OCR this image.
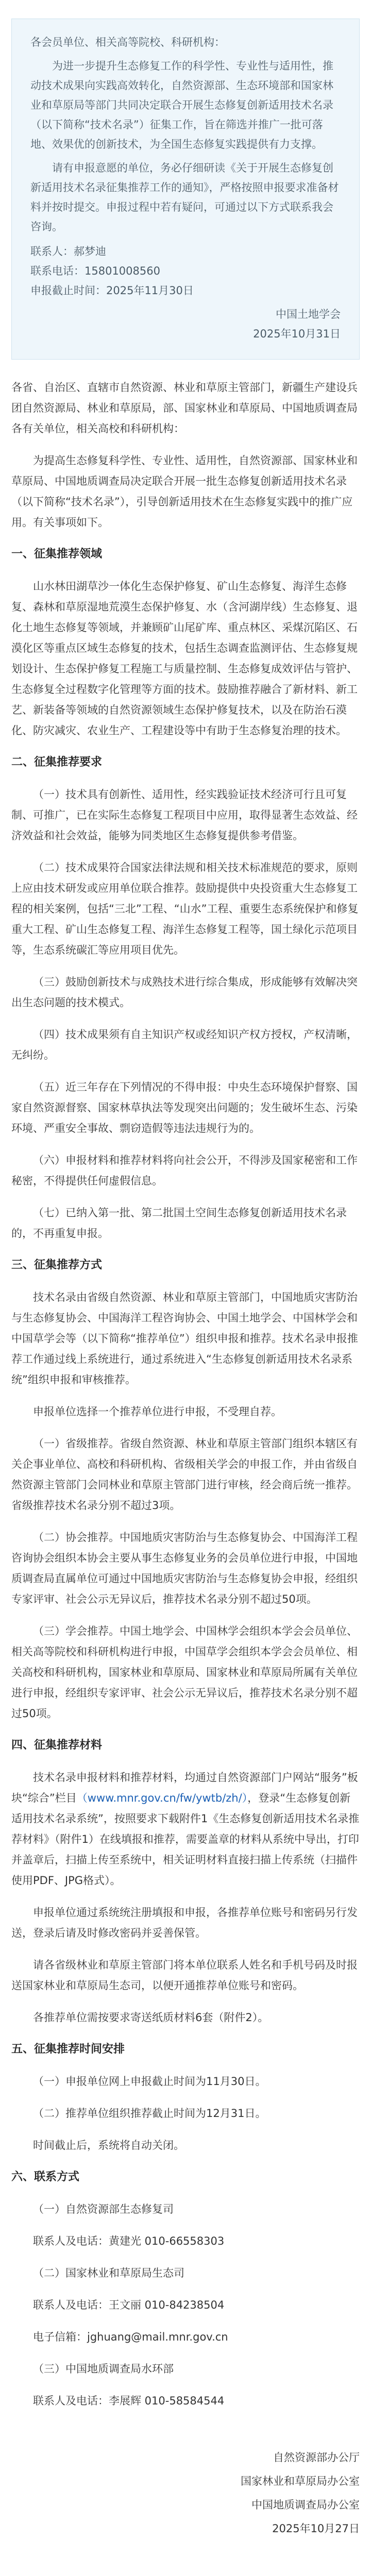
各会员单位、相关高等院校、科研机构：

为进一步提升生态修复工作的科学性、专业性与适用性，推动技术成果向实践高效转化，自然资源部、生态环境部和国家林业和草原局等部门共同决定联合开展生态修复创新适用技术名录（以下简称“技术名录”）征集工作，旨在筛选并推广一批可落地、效果优的创新技术，为全国生态修复实践提供有力支撑。

请有申报意愿的单位，务必仔细研读《关于开展生态修复创新适用技术名录征集推荐工作的通知》，严格按照申报要求准备材料并按时提交。申报过程中若有疑问，可通过以下方式联系我会咨询。

联系人：郝梦迪

联系电话：15801008560

申报截止时间：2025年11月30日

中国土地学会

2025年10月31日

各省、自治区、直辖市自然资源、林业和草原主管部门，新疆生产建设兵团自然资源局、林业和草原局，部、国家林业和草原局、中国地质调查局各有关单位，相关高校和科研机构：

为提高生态修复科学性、专业性、适用性，自然资源部、国家林业和草原局、中国地质调查局决定联合开展一批生态修复创新适用技术名录（以下简称“技术名录”），引导创新适用技术在生态修复实践中的推广应用。有关事项如下。

一、征集推荐领域

山水林田湖草沙一体化生态保护修复、矿山生态修复、海洋生态修复、森林和草原湿地荒漠生态保护修复、水（含河湖岸线）生态修复、退化土地生态修复等领域，并兼顾矿山尾矿库、重点林区、采煤沉陷区、石漠化区等重点区域生态修复的技术，包括生态调查监测评估、生态修复规划设计、生态保护修复工程施工与质量控制、生态修复成效评估与管护、生态修复全过程数字化管理等方面的技术。鼓励推荐融合了新材料、新工艺、新装备等领域的自然资源领域生态保护修复技术，以及在防治石漠化、防灾减灾、农业生产、工程建设等中有助于生态修复治理的技术。

二、征集推荐要求

（一）技术具有创新性、适用性，经实践验证技术经济可行且可复制、可推广，已在实际生态修复工程项目中应用，取得显著生态效益、经济效益和社会效益，能够为同类地区生态修复提供参考借鉴。

（二）技术成果符合国家法律法规和相关技术标准规范的要求，原则上应由技术研发或应用单位联合推荐。鼓励提供中央投资重大生态修复工程的相关案例，包括“三北”工程、“山水”工程、重要生态系统保护和修复重大工程、矿山生态修复工程、海洋生态修复工程等，国土绿化示范项目等，生态系统碳汇等应用项目优先。

（三）鼓励创新技术与成熟技术进行综合集成，形成能够有效解决突出生态问题的技术模式。

（四）技术成果须有自主知识产权或经知识产权方授权，产权清晰，无纠纷。

（五）近三年存在下列情况的不得申报：中央生态环境保护督察、国家自然资源督察、国家林草执法等发现突出问题的；发生破坏生态、污染环境、严重安全事故、剽窃造假等违法违规行为的。

（六）申报材料和推荐材料将向社会公开，不得涉及国家秘密和工作秘密，不得提供任何虚假信息。

（七）已纳入第一批、第二批国土空间生态修复创新适用技术名录的，不再重复申报。

三、征集推荐方式

技术名录由省级自然资源、林业和草原主管部门，中国地质灾害防治与生态修复协会、中国海洋工程咨询协会、中国土地学会、中国林学会和中国草学会等（以下简称“推荐单位”）组织申报和推荐。技术名录申报推荐工作通过线上系统进行，通过系统进入“生态修复创新适用技术名录系统”组织申报和审核推荐。

申报单位选择一个推荐单位进行申报，不受理自荐。

（一）省级推荐。省级自然资源、林业和草原主管部门组织本辖区有关企事业单位、高校和科研机构、省级相关学会的申报工作，并由省级自然资源主管部门会同林业和草原主管部门进行审核，经会商后统一推荐。省级推荐技术名录分别不超过3项。

（二）协会推荐。中国地质灾害防治与生态修复协会、中国海洋工程咨询协会组织本协会主要从事生态修复业务的会员单位进行申报，中国地质调查局直属单位可通过中国地质灾害防治与生态修复协会申报，经组织专家评审、社会公示无异议后，推荐技术名录分别不超过50项。

（三）学会推荐。中国土地学会、中国林学会组织本学会会员单位、相关高等院校和科研机构进行申报，中国草学会组织本学会会员单位、相关高校和科研机构，国家林业和草原局、国家林业和草原局所属有关单位进行申报，经组织专家评审、社会公示无异议后，推荐技术名录分别不超过50项。

四、征集推荐材料

技术名录申报材料和推荐材料，均通过自然资源部门户网站“服务”板块“综合”栏目（www.mnr.gov.cn/fw/ywtb/zh/），登录“生态修复创新适用技术名录系统”，按照要求下载附件1《生态修复创新适用技术名录推荐材料》（附件1）在线填报和推荐，需要盖章的材料从系统中导出，打印并盖章后，扫描上传至系统中，相关证明材料直接扫描上传系统（扫描件使用PDF、JPG格式）。

申报单位通过系统统注册填报和申报，各推荐单位账号和密码另行发送，登录后请及时修改密码并妥善保管。

请各省级林业和草原主管部门将本单位联系人姓名和手机号码及时报送国家林业和草原局生态司，以便开通推荐单位账号和密码。

各推荐单位需按要求寄送纸质材料6套（附件2）。

五、征集推荐时间安排

（一）申报单位网上申报截止时间为11月30日。

（二）推荐单位组织推荐截止时间为12月31日。

时间截止后，系统将自动关闭。

六、联系方式

（一）自然资源部生态修复司

联系人及电话：黄建光 010-66558303

（二）国家林业和草原局生态司

联系人及电话：王文丽 010-84238504

电子信箱：jghuang@mail.mnr.gov.cn

（三）中国地质调查局水环部

联系人及电话：李展辉 010-58584544

自然资源部办公厅

国家林业和草原局办公室

中国地质调查局办公室

2025年10月27日
